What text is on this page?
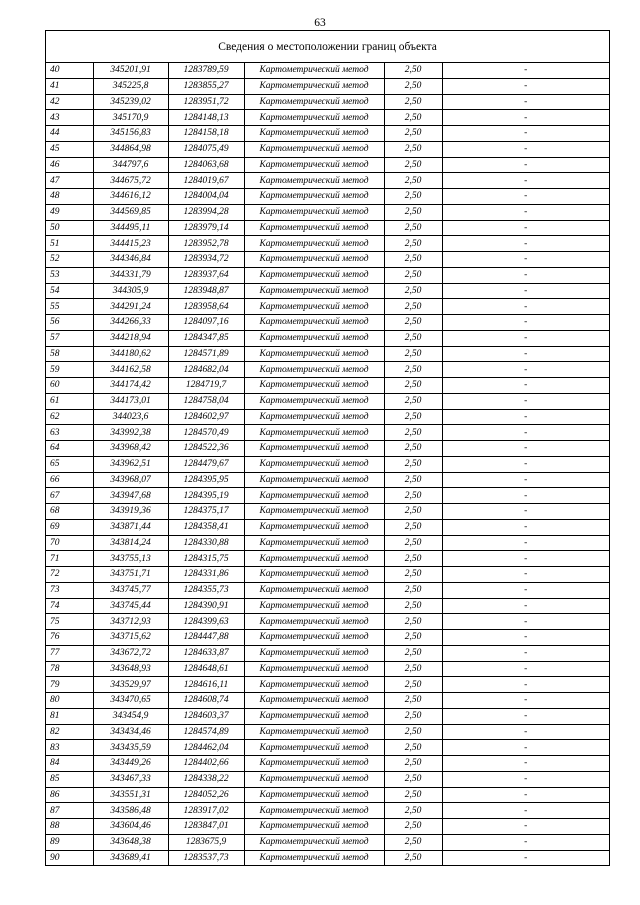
63
Сведения о местоположении границ объекта
40	345201,91	1283789,59	Картометрический метод	2,50	-
41	345225,8	1283855,27	Картометрический метод	2,50	-
42	345239,02	1283951,72	Картометрический метод	2,50	-
43	345170,9	1284148,13	Картометрический метод	2,50	-
44	345156,83	1284158,18	Картометрический метод	2,50	-
45	344864,98	1284075,49	Картометрический метод	2,50	-
46	344797,6	1284063,68	Картометрический метод	2,50	-
47	344675,72	1284019,67	Картометрический метод	2,50	-
48	344616,12	1284004,04	Картометрический метод	2,50	-
49	344569,85	1283994,28	Картометрический метод	2,50	-
50	344495,11	1283979,14	Картометрический метод	2,50	-
51	344415,23	1283952,78	Картометрический метод	2,50	-
52	344346,84	1283934,72	Картометрический метод	2,50	-
53	344331,79	1283937,64	Картометрический метод	2,50	-
54	344305,9	1283948,87	Картометрический метод	2,50	-
55	344291,24	1283958,64	Картометрический метод	2,50	-
56	344266,33	1284097,16	Картометрический метод	2,50	-
57	344218,94	1284347,85	Картометрический метод	2,50	-
58	344180,62	1284571,89	Картометрический метод	2,50	-
59	344162,58	1284682,04	Картометрический метод	2,50	-
60	344174,42	1284719,7	Картометрический метод	2,50	-
61	344173,01	1284758,04	Картометрический метод	2,50	-
62	344023,6	1284602,97	Картометрический метод	2,50	-
63	343992,38	1284570,49	Картометрический метод	2,50	-
64	343968,42	1284522,36	Картометрический метод	2,50	-
65	343962,51	1284479,67	Картометрический метод	2,50	-
66	343968,07	1284395,95	Картометрический метод	2,50	-
67	343947,68	1284395,19	Картометрический метод	2,50	-
68	343919,36	1284375,17	Картометрический метод	2,50	-
69	343871,44	1284358,41	Картометрический метод	2,50	-
70	343814,24	1284330,88	Картометрический метод	2,50	-
71	343755,13	1284315,75	Картометрический метод	2,50	-
72	343751,71	1284331,86	Картометрический метод	2,50	-
73	343745,77	1284355,73	Картометрический метод	2,50	-
74	343745,44	1284390,91	Картометрический метод	2,50	-
75	343712,93	1284399,63	Картометрический метод	2,50	-
76	343715,62	1284447,88	Картометрический метод	2,50	-
77	343672,72	1284633,87	Картометрический метод	2,50	-
78	343648,93	1284648,61	Картометрический метод	2,50	-
79	343529,97	1284616,11	Картометрический метод	2,50	-
80	343470,65	1284608,74	Картометрический метод	2,50	-
81	343454,9	1284603,37	Картометрический метод	2,50	-
82	343434,46	1284574,89	Картометрический метод	2,50	-
83	343435,59	1284462,04	Картометрический метод	2,50	-
84	343449,26	1284402,66	Картометрический метод	2,50	-
85	343467,33	1284338,22	Картометрический метод	2,50	-
86	343551,31	1284052,26	Картометрический метод	2,50	-
87	343586,48	1283917,02	Картометрический метод	2,50	-
88	343604,46	1283847,01	Картометрический метод	2,50	-
89	343648,38	1283675,9	Картометрический метод	2,50	-
90	343689,41	1283537,73	Картометрический метод	2,50	-
